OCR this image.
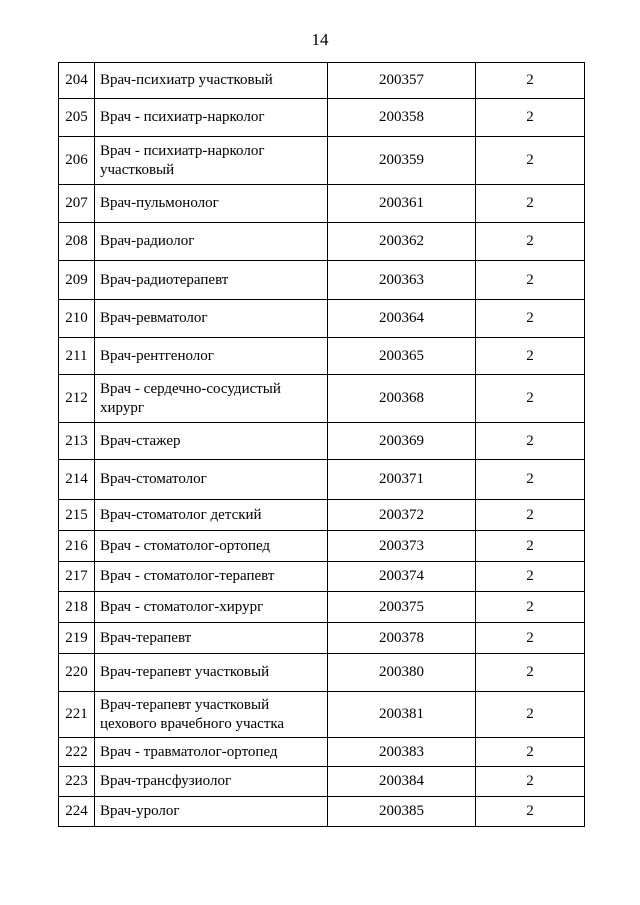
14
204	Врач-психиатр участковый	200357	2
205	Врач - психиатр-нарколог	200358	2
206	Врач - психиатр-нарколог участковый	200359	2
207	Врач-пульмонолог	200361	2
208	Врач-радиолог	200362	2
209	Врач-радиотерапевт	200363	2
210	Врач-ревматолог	200364	2
211	Врач-рентгенолог	200365	2
212	Врач - сердечно-сосудистый хирург	200368	2
213	Врач-стажер	200369	2
214	Врач-стоматолог	200371	2
215	Врач-стоматолог детский	200372	2
216	Врач - стоматолог-ортопед	200373	2
217	Врач - стоматолог-терапевт	200374	2
218	Врач - стоматолог-хирург	200375	2
219	Врач-терапевт	200378	2
220	Врач-терапевт участковый	200380	2
221	Врач-терапевт участковый цехового врачебного участка	200381	2
222	Врач - травматолог-ортопед	200383	2
223	Врач-трансфузиолог	200384	2
224	Врач-уролог	200385	2
